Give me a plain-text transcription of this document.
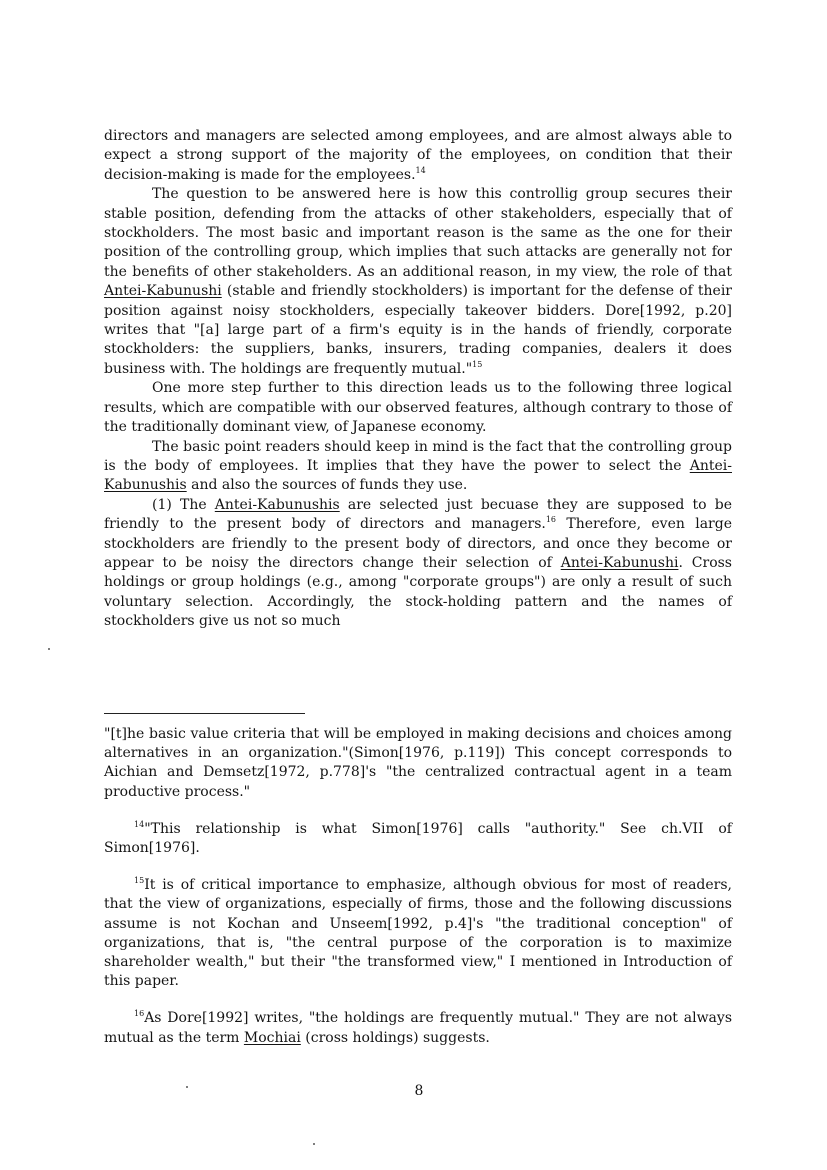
directors and managers are selected among employees, and are almost always able to expect a strong support of the majority of the employees, on condition that their decision-making is made for the employees.$^{14}$

The question to be answered here is how this controllig group secures their stable position, defending from the attacks of other stakeholders, especially that of stockholders. The most basic and important reason is the same as the one for their position of the controlling group, which implies that such attacks are generally not for the benefits of other stakeholders. As an additional reason, in my view, the role of that Antei-Kabunushi (stable and friendly stockholders) is important for the defense of their position against noisy stockholders, especially takeover bidders. Dore[1992, p.20] writes that "[a] large part of a firm's equity is in the hands of friendly, corporate stockholders: the suppliers, banks, insurers, trading companies, dealers it does business with. The holdings are frequently mutual."$^{15}$

One more step further to this direction leads us to the following three logical results, which are compatible with our observed features, although contrary to those of the traditionally dominant view, of Japanese economy.

The basic point readers should keep in mind is the fact that the controlling group is the body of employees. It implies that they have the power to select the Antei-Kabunushis and also the sources of funds they use.

(1) The Antei-Kabunushis are selected just becuase they are supposed to be friendly to the present body of directors and managers.$^{16}$ Therefore, even large stockholders are friendly to the present body of directors, and once they become or appear to be noisy the directors change their selection of Antei-Kabunushi. Cross holdings or group holdings (e.g., among "corporate groups") are only a result of such voluntary selection. Accordingly, the stock-holding pattern and the names of stockholders give us not so much

"[t]he basic value criteria that will be employed in making decisions and choices among alternatives in an organization."(Simon[1976, p.119]) This concept corresponds to Aichian and Demsetz[1972, p.778]'s "the centralized contractual agent in a team productive process."

$^{14}$"This relationship is what Simon[1976] calls "authority." See ch.VII of Simon[1976].

$^{15}$It is of critical importance to emphasize, although obvious for most of readers, that the view of organizations, especially of firms, those and the following discussions assume is not Kochan and Unseem[1992, p.4]'s "the traditional conception" of organizations, that is, "the central purpose of the corporation is to maximize shareholder wealth," but their "the transformed view," I mentioned in Introduction of this paper.

$^{16}$As Dore[1992] writes, "the holdings are frequently mutual." They are not always mutual as the term Mochiai (cross holdings) suggests.

8
